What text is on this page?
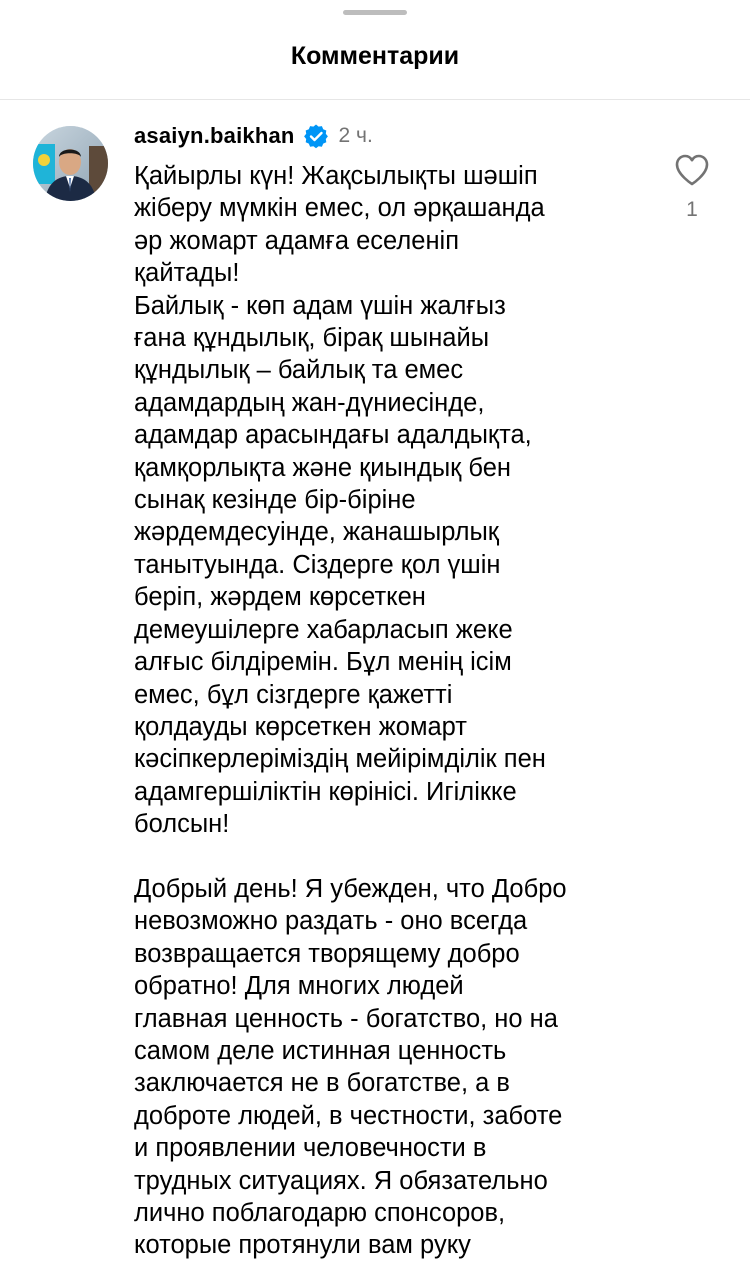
Комментарии
asaiyn.baikhan 2 ч.

Қайырлы күн! Жақсылықты шәшіп

жіберу мүмкін емес, ол әрқашанда

әр жомарт адамға еселеніп

қайтады!

Байлық - көп адам үшін жалғыз

ғана құндылық, бірақ шынайы

құндылық – байлық та емес

адамдардың жан-дүниесінде,

адамдар арасындағы адалдықта,

қамқорлықта және қиындық бен

сынақ кезінде бір-біріне

жәрдемдесуінде, жанашырлық

танытуында. Сіздерге қол үшін

беріп, жәрдем көрсеткен

демеушілерге хабарласып жеке

алғыс білдіремін. Бұл менің ісім

емес, бұл сізгдерге қажетті

қолдауды көрсеткен жомарт

кәсіпкерлеріміздің мейірімділік пен

адамгершіліктін көрінісі. Игілікке

болсын!

Добрый день! Я убежден, что Добро

невозможно раздать - оно всегда

возвращается творящему добро

обратно! Для многих людей

главная ценность - богатство, но на

самом деле истинная ценность

заключается не в богатстве, а в

доброте людей, в честности, заботе

и проявлении человечности в

трудных ситуациях. Я обязательно

лично поблагодарю спонсоров,

которые протянули вам руку

1
